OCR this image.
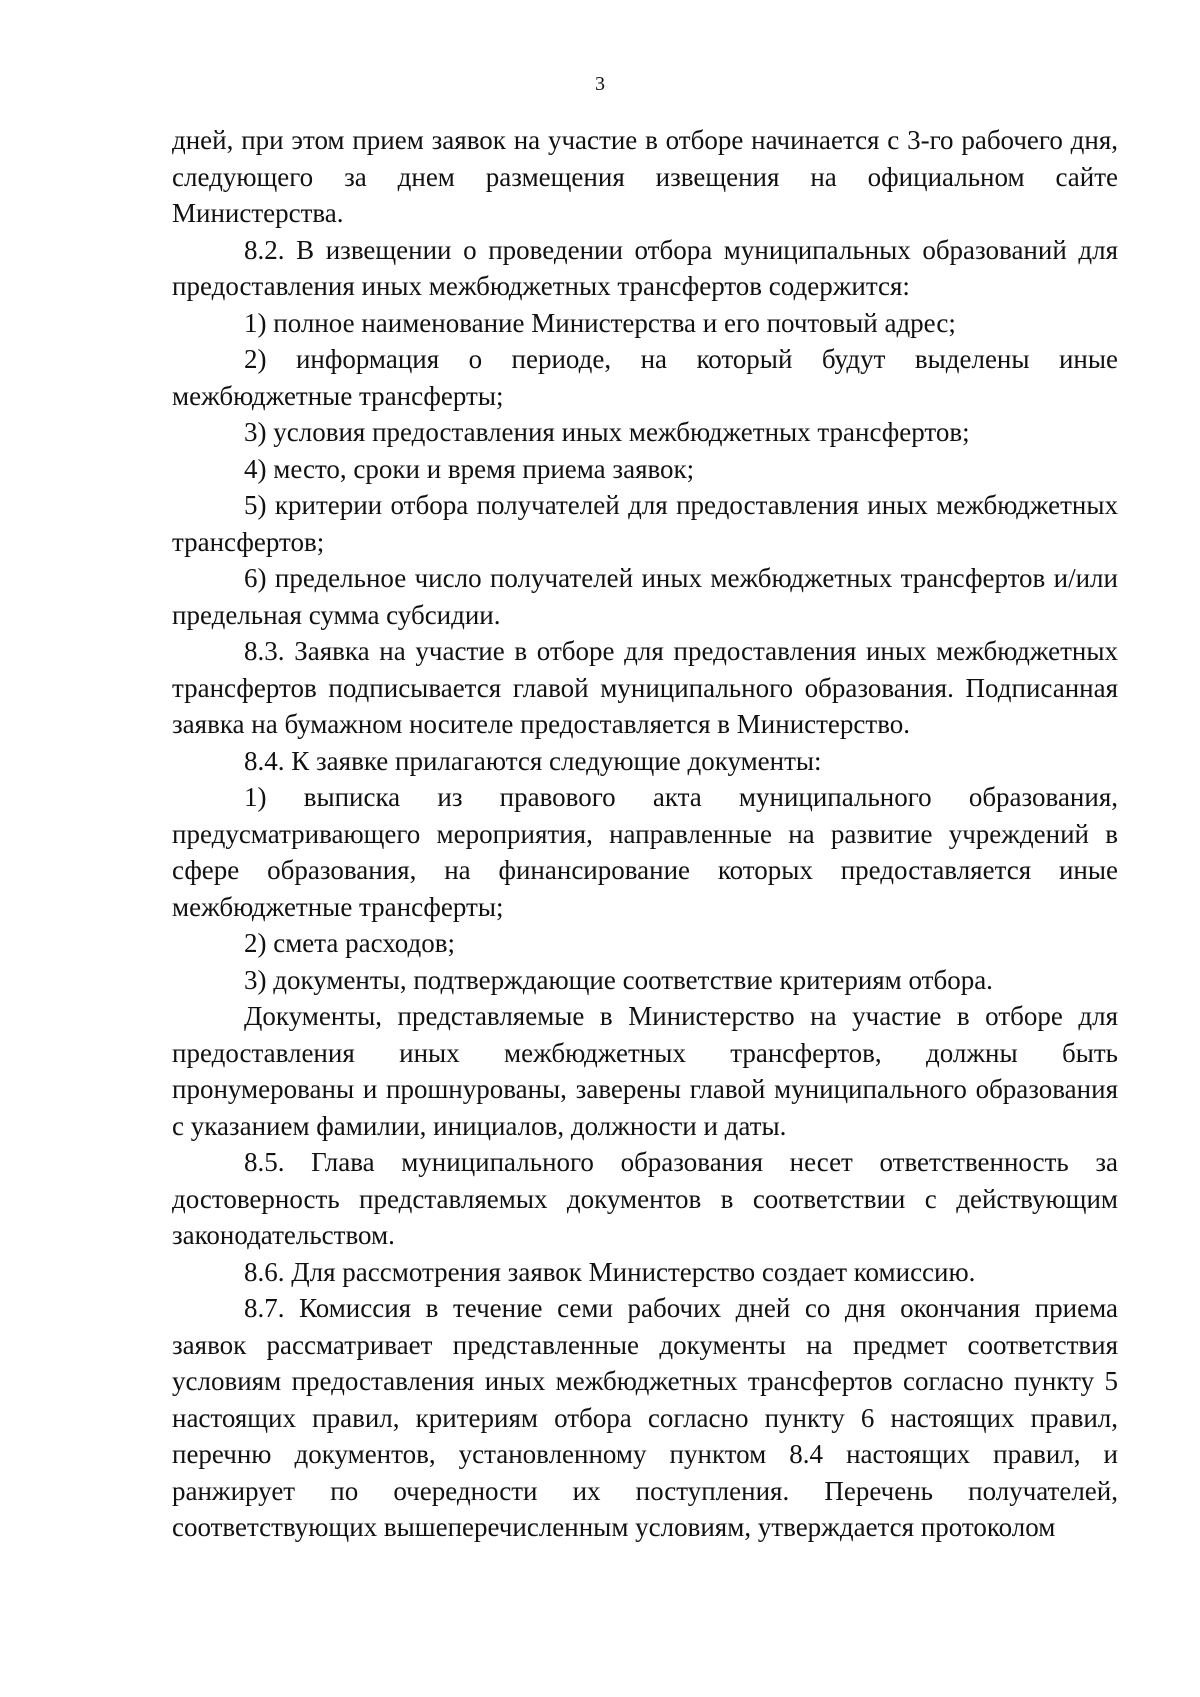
3

дней, при этом прием заявок на участие в отборе начинается с 3-го рабочего дня, следующего за днем размещения извещения на официальном сайте Министерства.

8.2. В извещении о проведении отбора муниципальных образований для предоставления иных межбюджетных трансфертов содержится:

1) полное наименование Министерства и его почтовый адрес;

2) информация о периоде, на который будут выделены иные межбюджетные трансферты;

3) условия предоставления иных межбюджетных трансфертов;

4) место, сроки и время приема заявок;

5) критерии отбора получателей для предоставления иных межбюджетных трансфертов;

6) предельное число получателей иных межбюджетных трансфертов и/или предельная сумма субсидии.

8.3. Заявка на участие в отборе для предоставления иных межбюджетных трансфертов подписывается главой муниципального образования. Подписанная заявка на бумажном носителе предоставляется в Министерство.

8.4. К заявке прилагаются следующие документы:

1) выписка из правового акта муниципального образования, предусматривающего мероприятия, направленные на развитие учреждений в сфере образования, на финансирование которых предоставляется иные межбюджетные трансферты;

2) смета расходов;

3) документы, подтверждающие соответствие критериям отбора.

Документы, представляемые в Министерство на участие в отборе для предоставления иных межбюджетных трансфертов, должны быть пронумерованы и прошнурованы, заверены главой муниципального образования с указанием фамилии, инициалов, должности и даты.

8.5. Глава муниципального образования несет ответственность за достоверность представляемых документов в соответствии с действующим законодательством.

8.6. Для рассмотрения заявок Министерство создает комиссию.

8.7. Комиссия в течение семи рабочих дней со дня окончания приема заявок рассматривает представленные документы на предмет соответствия условиям предоставления иных межбюджетных трансфертов согласно пункту 5 настоящих правил, критериям отбора согласно пункту 6 настоящих правил, перечню документов, установленному пунктом 8.4 настоящих правил, и ранжирует по очередности их поступления. Перечень получателей, соответствующих вышеперечисленным условиям, утверждается протоколом
